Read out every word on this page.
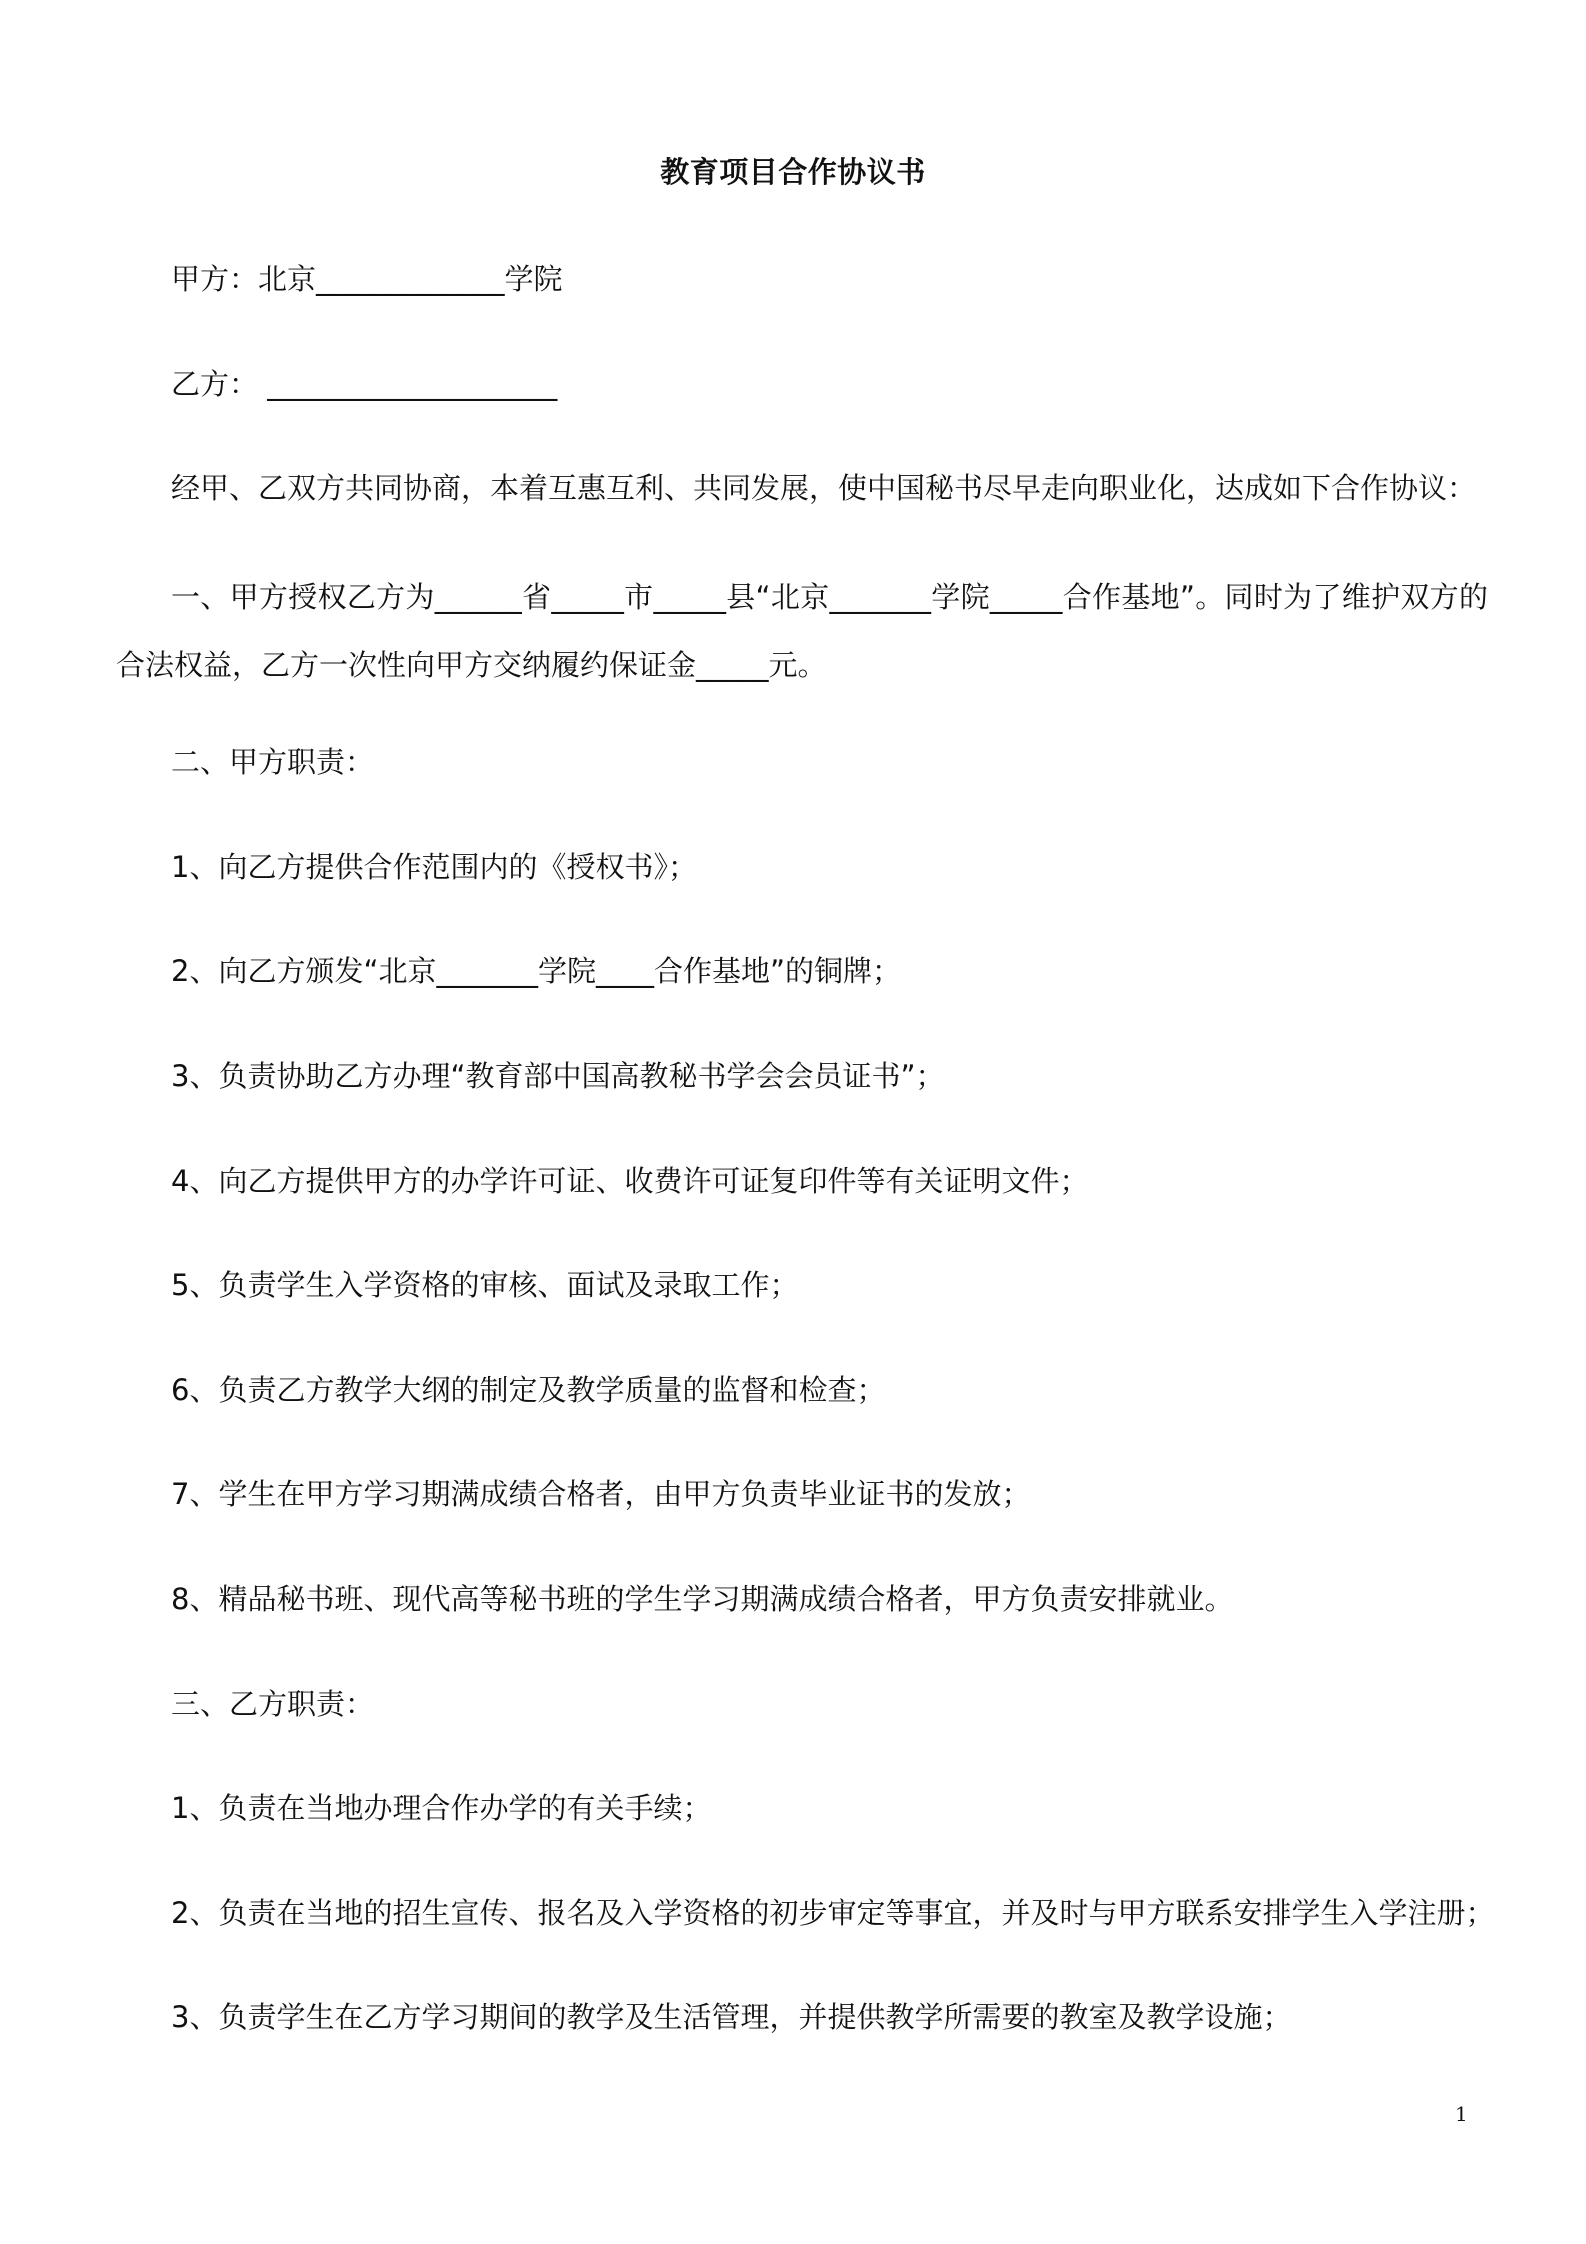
教育项目合作协议书
甲方：北京_____________学院
乙方： ____________________
经甲、乙双方共同协商，本着互惠互利、共同发展，使中国秘书尽早走向职业化，达成如下合作协议：
一、甲方授权乙方为______省_____市_____县“北京_______学院_____合作基地”。同时为了维护双方的合法权益，乙方一次性向甲方交纳履约保证金_____元。
二、甲方职责：
1、向乙方提供合作范围内的《授权书》；
2、向乙方颁发“北京_______学院____合作基地”的铜牌；
3、负责协助乙方办理“教育部中国高教秘书学会会员证书”；
4、向乙方提供甲方的办学许可证、收费许可证复印件等有关证明文件；
5、负责学生入学资格的审核、面试及录取工作；
6、负责乙方教学大纲的制定及教学质量的监督和检查；
7、学生在甲方学习期满成绩合格者，由甲方负责毕业证书的发放；
8、精品秘书班、现代高等秘书班的学生学习期满成绩合格者，甲方负责安排就业。
三、乙方职责：
1、负责在当地办理合作办学的有关手续；
2、负责在当地的招生宣传、报名及入学资格的初步审定等事宜，并及时与甲方联系安排学生入学注册；
3、负责学生在乙方学习期间的教学及生活管理，并提供教学所需要的教室及教学设施；
1
